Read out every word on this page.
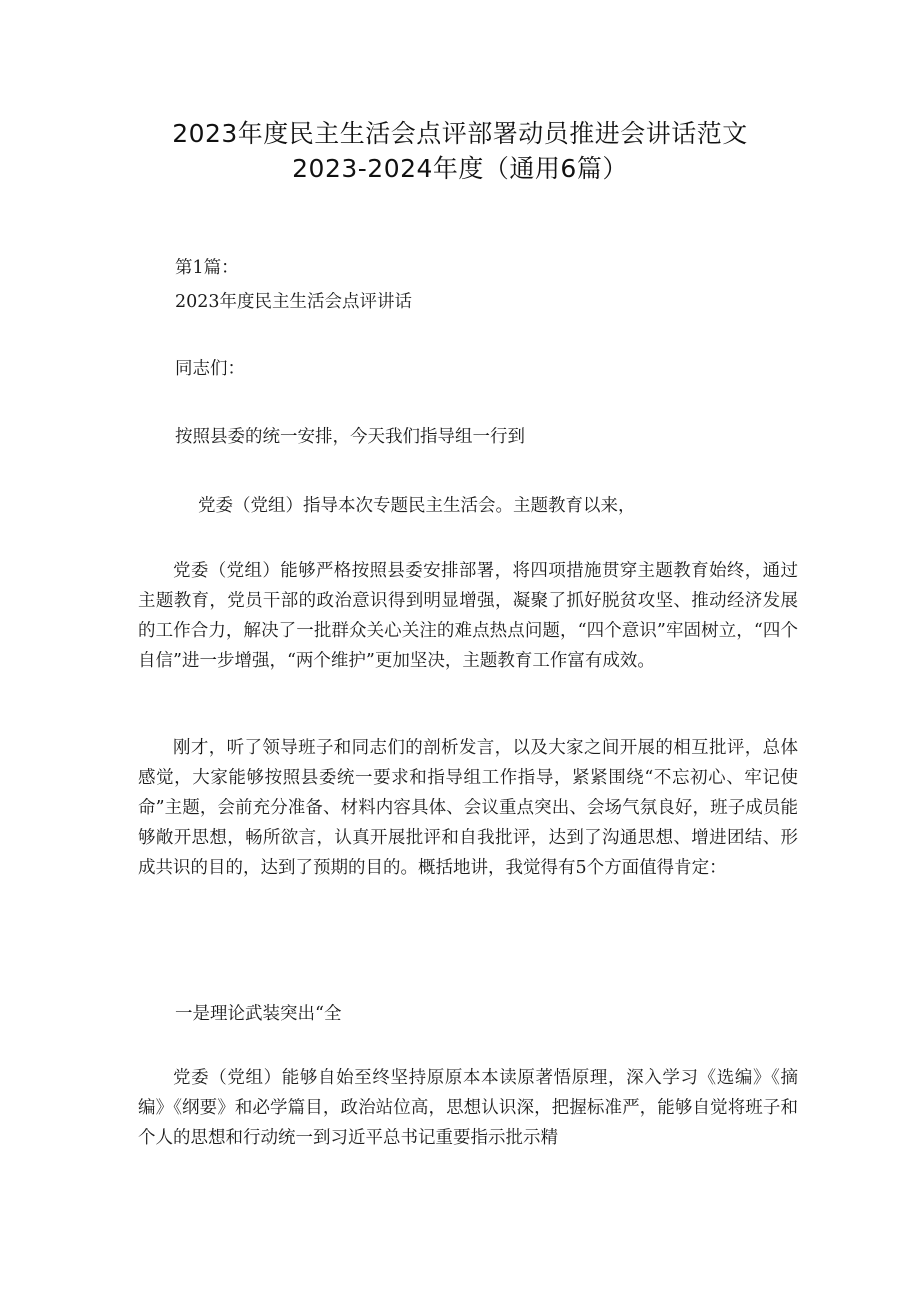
2023年度民主生活会点评部署动员推进会讲话范文
2023-2024年度（通用6篇）

第1篇：

2023年度民主生活会点评讲话

同志们：

按照县委的统一安排，今天我们指导组一行到

党委（党组）指导本次专题民主生活会。主题教育以来，

党委（党组）能够严格按照县委安排部署，将四项措施贯穿主题教育始终，通过主题教育，党员干部的政治意识得到明显增强，凝聚了抓好脱贫攻坚、推动经济发展的工作合力，解决了一批群众关心关注的难点热点问题，“四个意识”牢固树立，“四个自信”进一步增强，“两个维护”更加坚决，主题教育工作富有成效。

刚才，听了领导班子和同志们的剖析发言，以及大家之间开展的相互批评，总体感觉，大家能够按照县委统一要求和指导组工作指导，紧紧围绕“不忘初心、牢记使命”主题，会前充分准备、材料内容具体、会议重点突出、会场气氛良好，班子成员能够敞开思想，畅所欲言，认真开展批评和自我批评，达到了沟通思想、增进团结、形成共识的目的，达到了预期的目的。概括地讲，我觉得有5个方面值得肯定：

一是理论武装突出“全

党委（党组）能够自始至终坚持原原本本读原著悟原理，深入学习《选编》《摘编》《纲要》和必学篇目，政治站位高，思想认识深，把握标准严，能够自觉将班子和个人的思想和行动统一到习近平总书记重要指示批示精
